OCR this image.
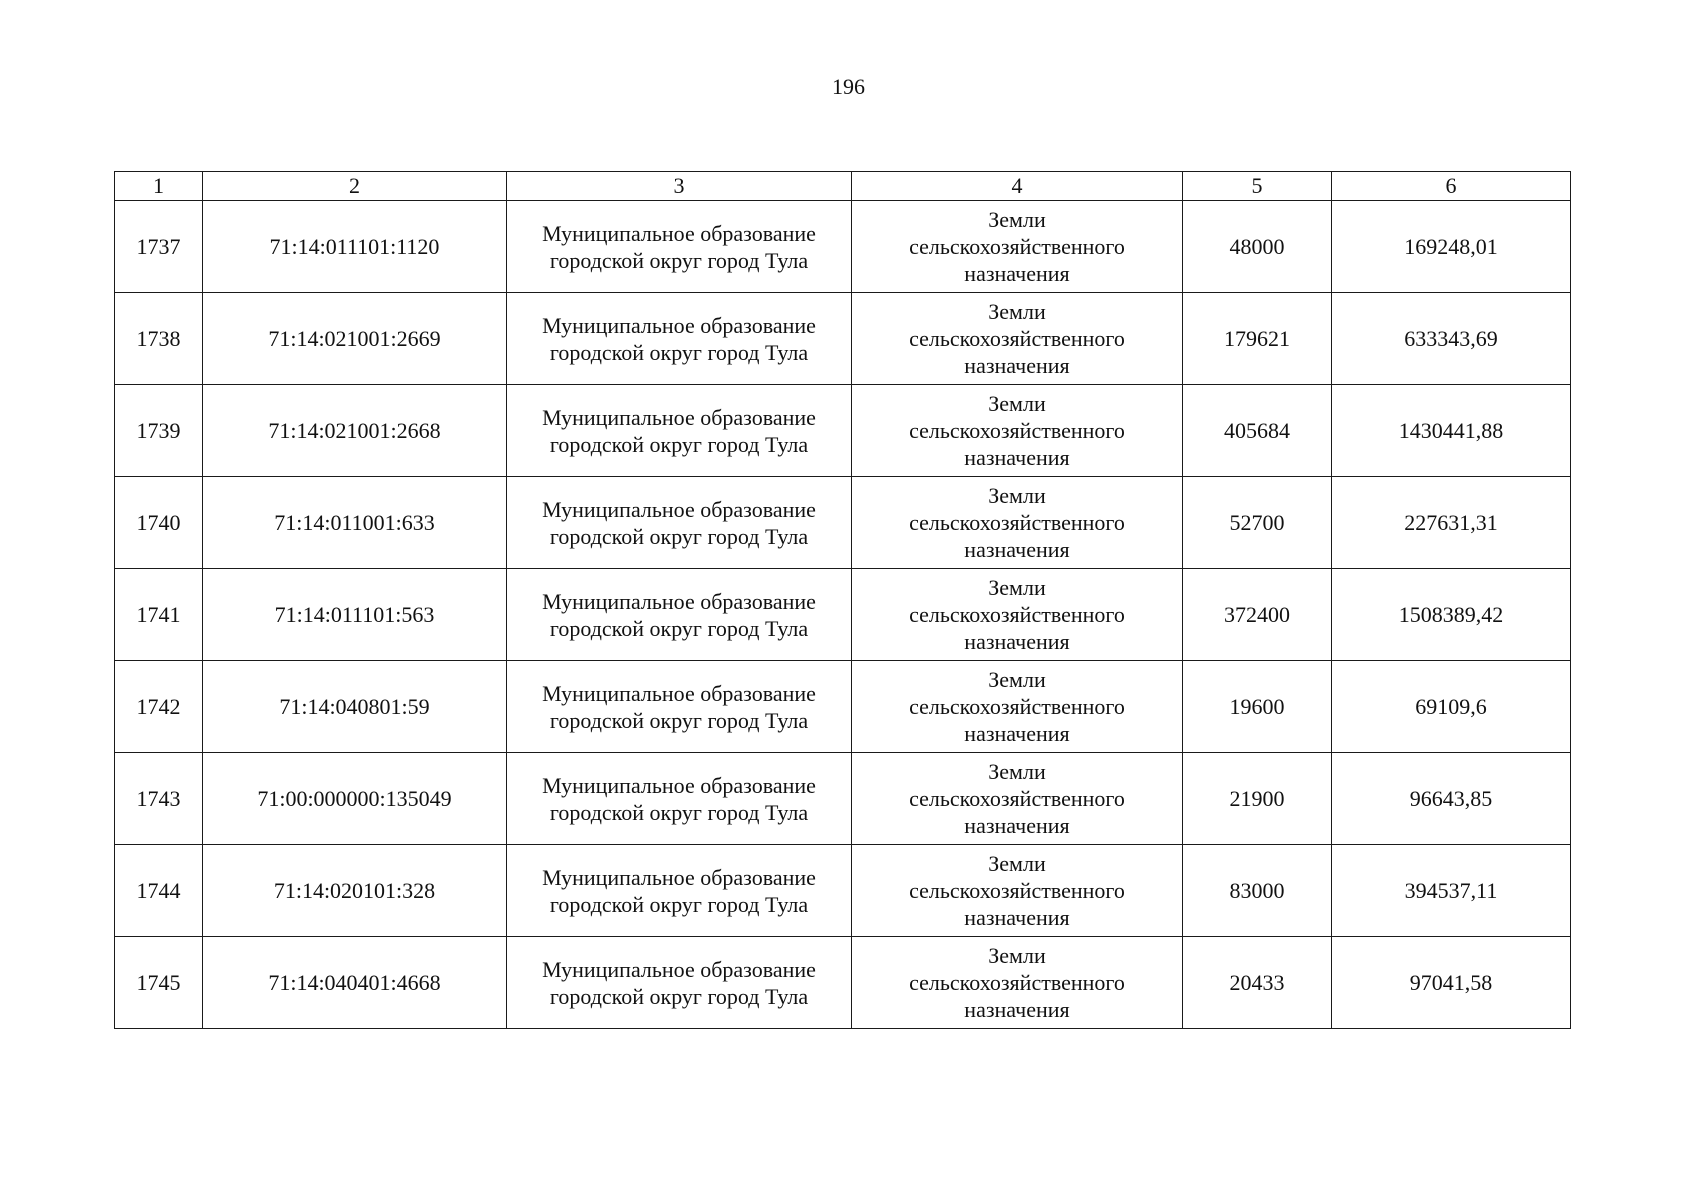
196
1	2	3	4	5	6
1737	71:14:011101:1120	Муниципальное образование
городской округ город Тула	Земли
сельскохозяйственного
назначения	48000	169248,01
1738	71:14:021001:2669	Муниципальное образование
городской округ город Тула	Земли
сельскохозяйственного
назначения	179621	633343,69
1739	71:14:021001:2668	Муниципальное образование
городской округ город Тула	Земли
сельскохозяйственного
назначения	405684	1430441,88
1740	71:14:011001:633	Муниципальное образование
городской округ город Тула	Земли
сельскохозяйственного
назначения	52700	227631,31
1741	71:14:011101:563	Муниципальное образование
городской округ город Тула	Земли
сельскохозяйственного
назначения	372400	1508389,42
1742	71:14:040801:59	Муниципальное образование
городской округ город Тула	Земли
сельскохозяйственного
назначения	19600	69109,6
1743	71:00:000000:135049	Муниципальное образование
городской округ город Тула	Земли
сельскохозяйственного
назначения	21900	96643,85
1744	71:14:020101:328	Муниципальное образование
городской округ город Тула	Земли
сельскохозяйственного
назначения	83000	394537,11
1745	71:14:040401:4668	Муниципальное образование
городской округ город Тула	Земли
сельскохозяйственного
назначения	20433	97041,58
